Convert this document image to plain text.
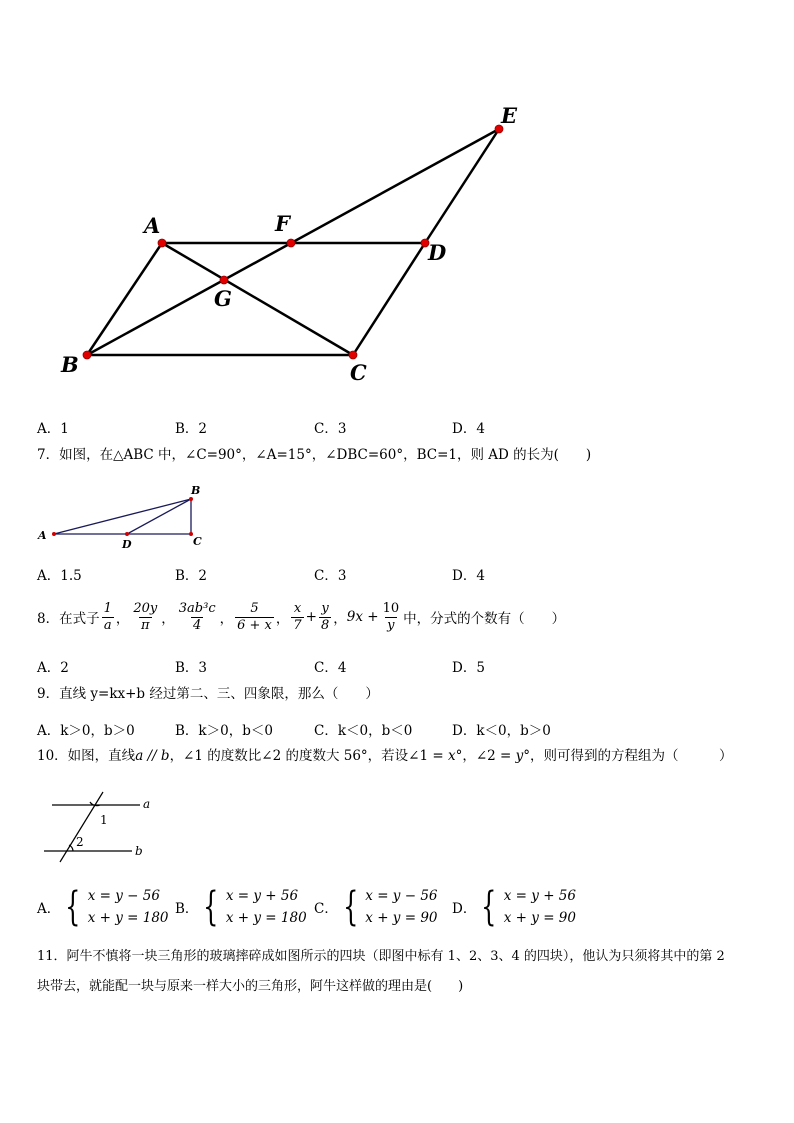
A	F
D
E
G
B	C
A．1	B．2	C．3	D．4
7．如图，在△ABC 中，∠C=90°，∠A=15°，∠DBC=60°，BC=1，则 AD 的长为(　　)
A
B
C
D
A．1.5	B．2	C．3	D．4
8．在式子 $\frac{1}{a}$ ， $\frac{20y}{\pi}$ ， $\frac{\text{3ab³c}}{4}$ ， $\frac{5}{6 + x}$ ， $\frac{x}{7} + \frac{y}{8}$ ， $9x + \frac{10}{y}$ 中，分式的个数有（　　）
A．2	B．3	C．4	D．5
9．直线 y=kx+b 经过第二、三、四象限，那么（　　）
A．k＞0，b＞0	B．k＞0，b＜0	C．k＜0，b＜0	D．k＜0，b＞0
10．如图，直线a // b，∠1 的度数比∠2 的度数大 56°，若设∠1 = x°，∠2 = y°，则可得到的方程组为（　　　）
a
b
1
2
A． { x = y − 56
x + y = 180
B． { x = y + 56
x + y = 180
C． { x = y − 56
x + y = 90
D． { x = y + 56
x + y = 90
11．阿牛不慎将一块三角形的玻璃摔碎成如图所示的四块（即图中标有 1、2、3、4 的四块），他认为只须将其中的第 2
块带去，就能配一块与原来一样大小的三角形，阿牛这样做的理由是(　　)
